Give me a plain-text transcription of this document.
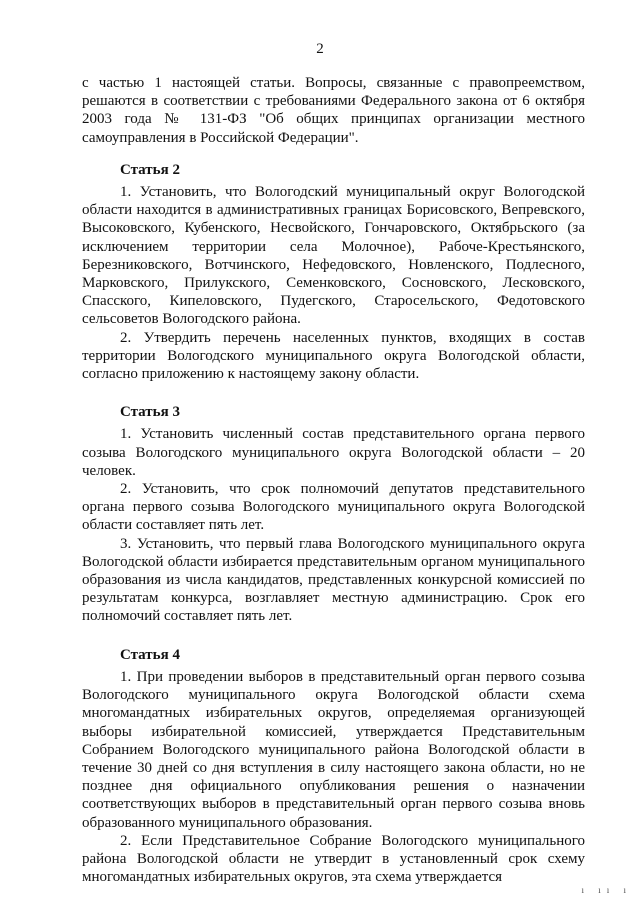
2

с частью 1 настоящей статьи. Вопросы, связанные с правопреемством, решаются в соответствии с требованиями Федерального закона от 6 октября 2003 года № 131-ФЗ "Об общих принципах организации местного самоуправления в Российской Федерации".

Статья 2

1. Установить, что Вологодский муниципальный округ Вологодской области находится в административных границах Борисовского, Вепревского, Высоковского, Кубенского, Несвойского, Гончаровского, Октябрьского (за исключением территории села Молочное), Рабоче-Крестьянского, Березниковского, Вотчинского, Нефедовского, Новленского, Подлесного, Марковского, Прилукского, Семенковского, Сосновского, Лесковского, Спасского, Кипеловского, Пудегского, Старосельского, Федотовского сельсоветов Вологодского района.

2. Утвердить перечень населенных пунктов, входящих в состав территории Вологодского муниципального округа Вологодской области, согласно приложению к настоящему закону области.

Статья 3

1. Установить численный состав представительного органа первого созыва Вологодского муниципального округа Вологодской области – 20 человек.

2. Установить, что срок полномочий депутатов представительного органа первого созыва Вологодского муниципального округа Вологодской области составляет пять лет.

3. Установить, что первый глава Вологодского муниципального округа Вологодской области избирается представительным органом муниципального образования из числа кандидатов, представленных конкурсной комиссией по результатам конкурса, возглавляет местную администрацию. Срок его полномочий составляет пять лет.

Статья 4

1. При проведении выборов в представительный орган первого созыва Вологодского муниципального округа Вологодской области схема многомандатных избирательных округов, определяемая организующей выборы избирательной комиссией, утверждается Представительным Собранием Вологодского муниципального района Вологодской области в течение 30 дней со дня вступления в силу настоящего закона области, но не позднее дня официального опубликования решения о назначении соответствующих выборов в представительный орган первого созыва вновь образованного муниципального образования.

2. Если Представительное Собрание Вологодского муниципального района Вологодской области не утвердит в установленный срок схему многомандатных избирательных округов, эта схема утверждается

ı ıı ı
